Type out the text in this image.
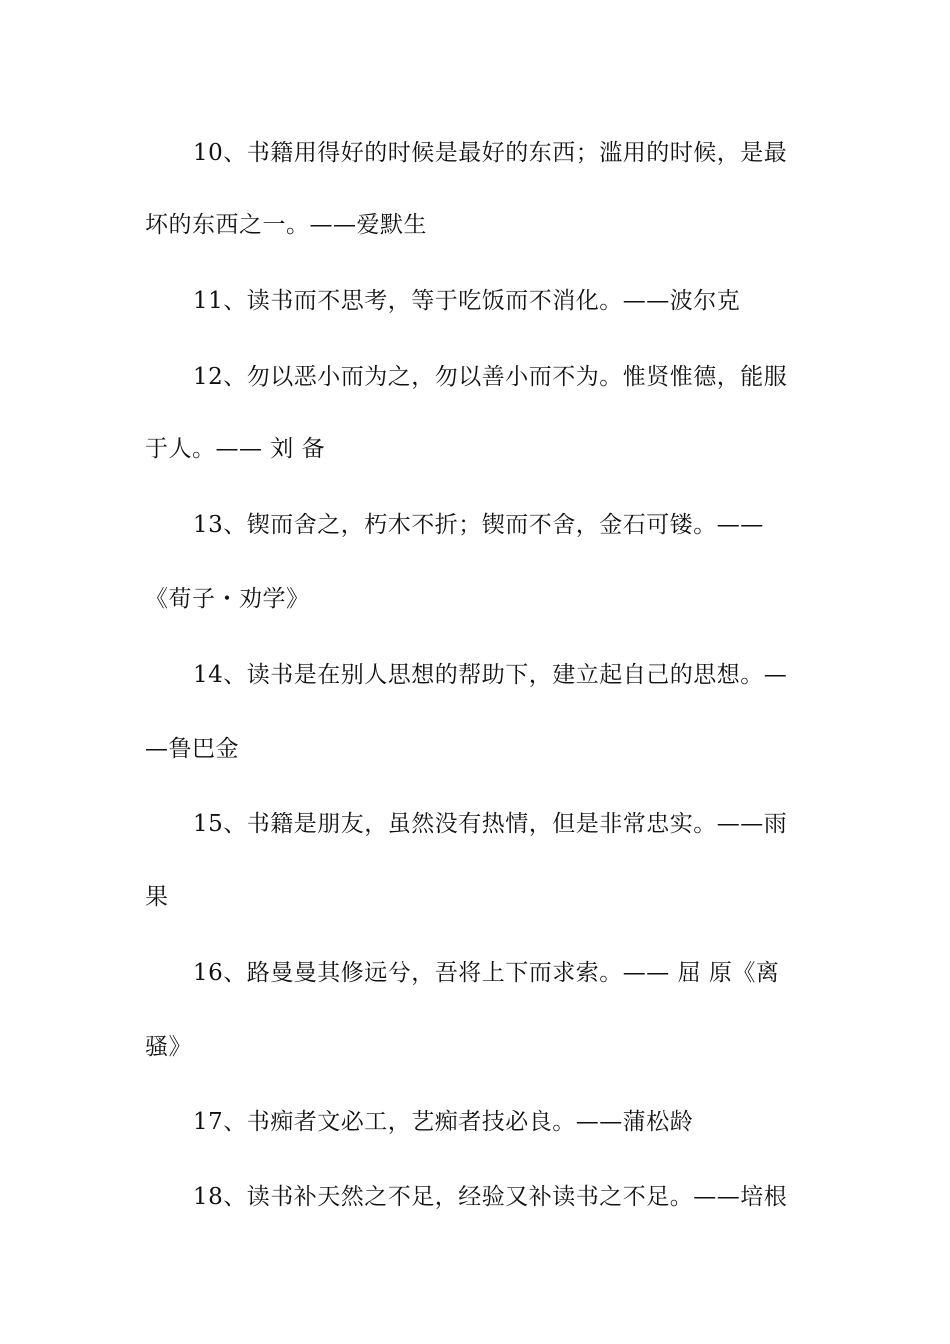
10、书籍用得好的时候是最好的东西；滥用的时候，是最
坏的东西之一。——爱默生
11、读书而不思考，等于吃饭而不消化。——波尔克
12、勿以恶小而为之，勿以善小而不为。惟贤惟德，能服
于人。—— 刘 备
13、锲而舍之，朽木不折；锲而不舍，金石可镂。——
《荀子・劝学》
14、读书是在别人思想的帮助下，建立起自己的思想。—
—鲁巴金
15、书籍是朋友，虽然没有热情，但是非常忠实。——雨
果
16、路曼曼其修远兮，吾将上下而求索。—— 屈 原《离
骚》
17、书痴者文必工，艺痴者技必良。——蒲松龄
18、读书补天然之不足，经验又补读书之不足。——培根
